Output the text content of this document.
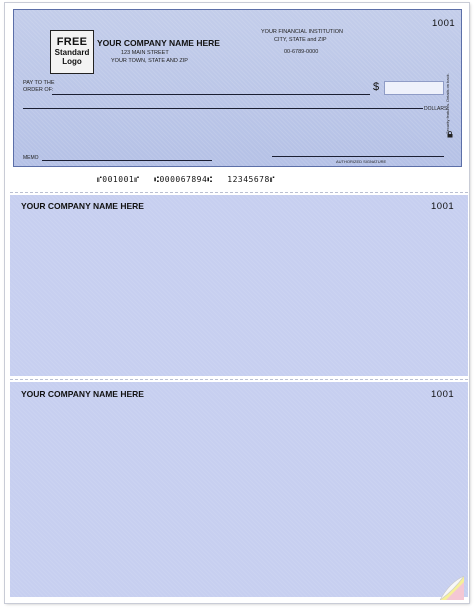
FREE
Standard
Logo
YOUR COMPANY NAME HERE
123 MAIN STREET
YOUR TOWN, STATE AND ZIP
YOUR FINANCIAL INSTITUTION
CITY, STATE and ZIP
00-6789-0000
1001
PAY TO THE
ORDER OF:	$
DOLLARS
Security features. Details on back.
MEMO
AUTHORIZED SIGNATURE
⑈001001⑈ ⑆000067894⑆ 12345678⑈
YOUR COMPANY NAME HERE	1001
YOUR COMPANY NAME HERE	1001
